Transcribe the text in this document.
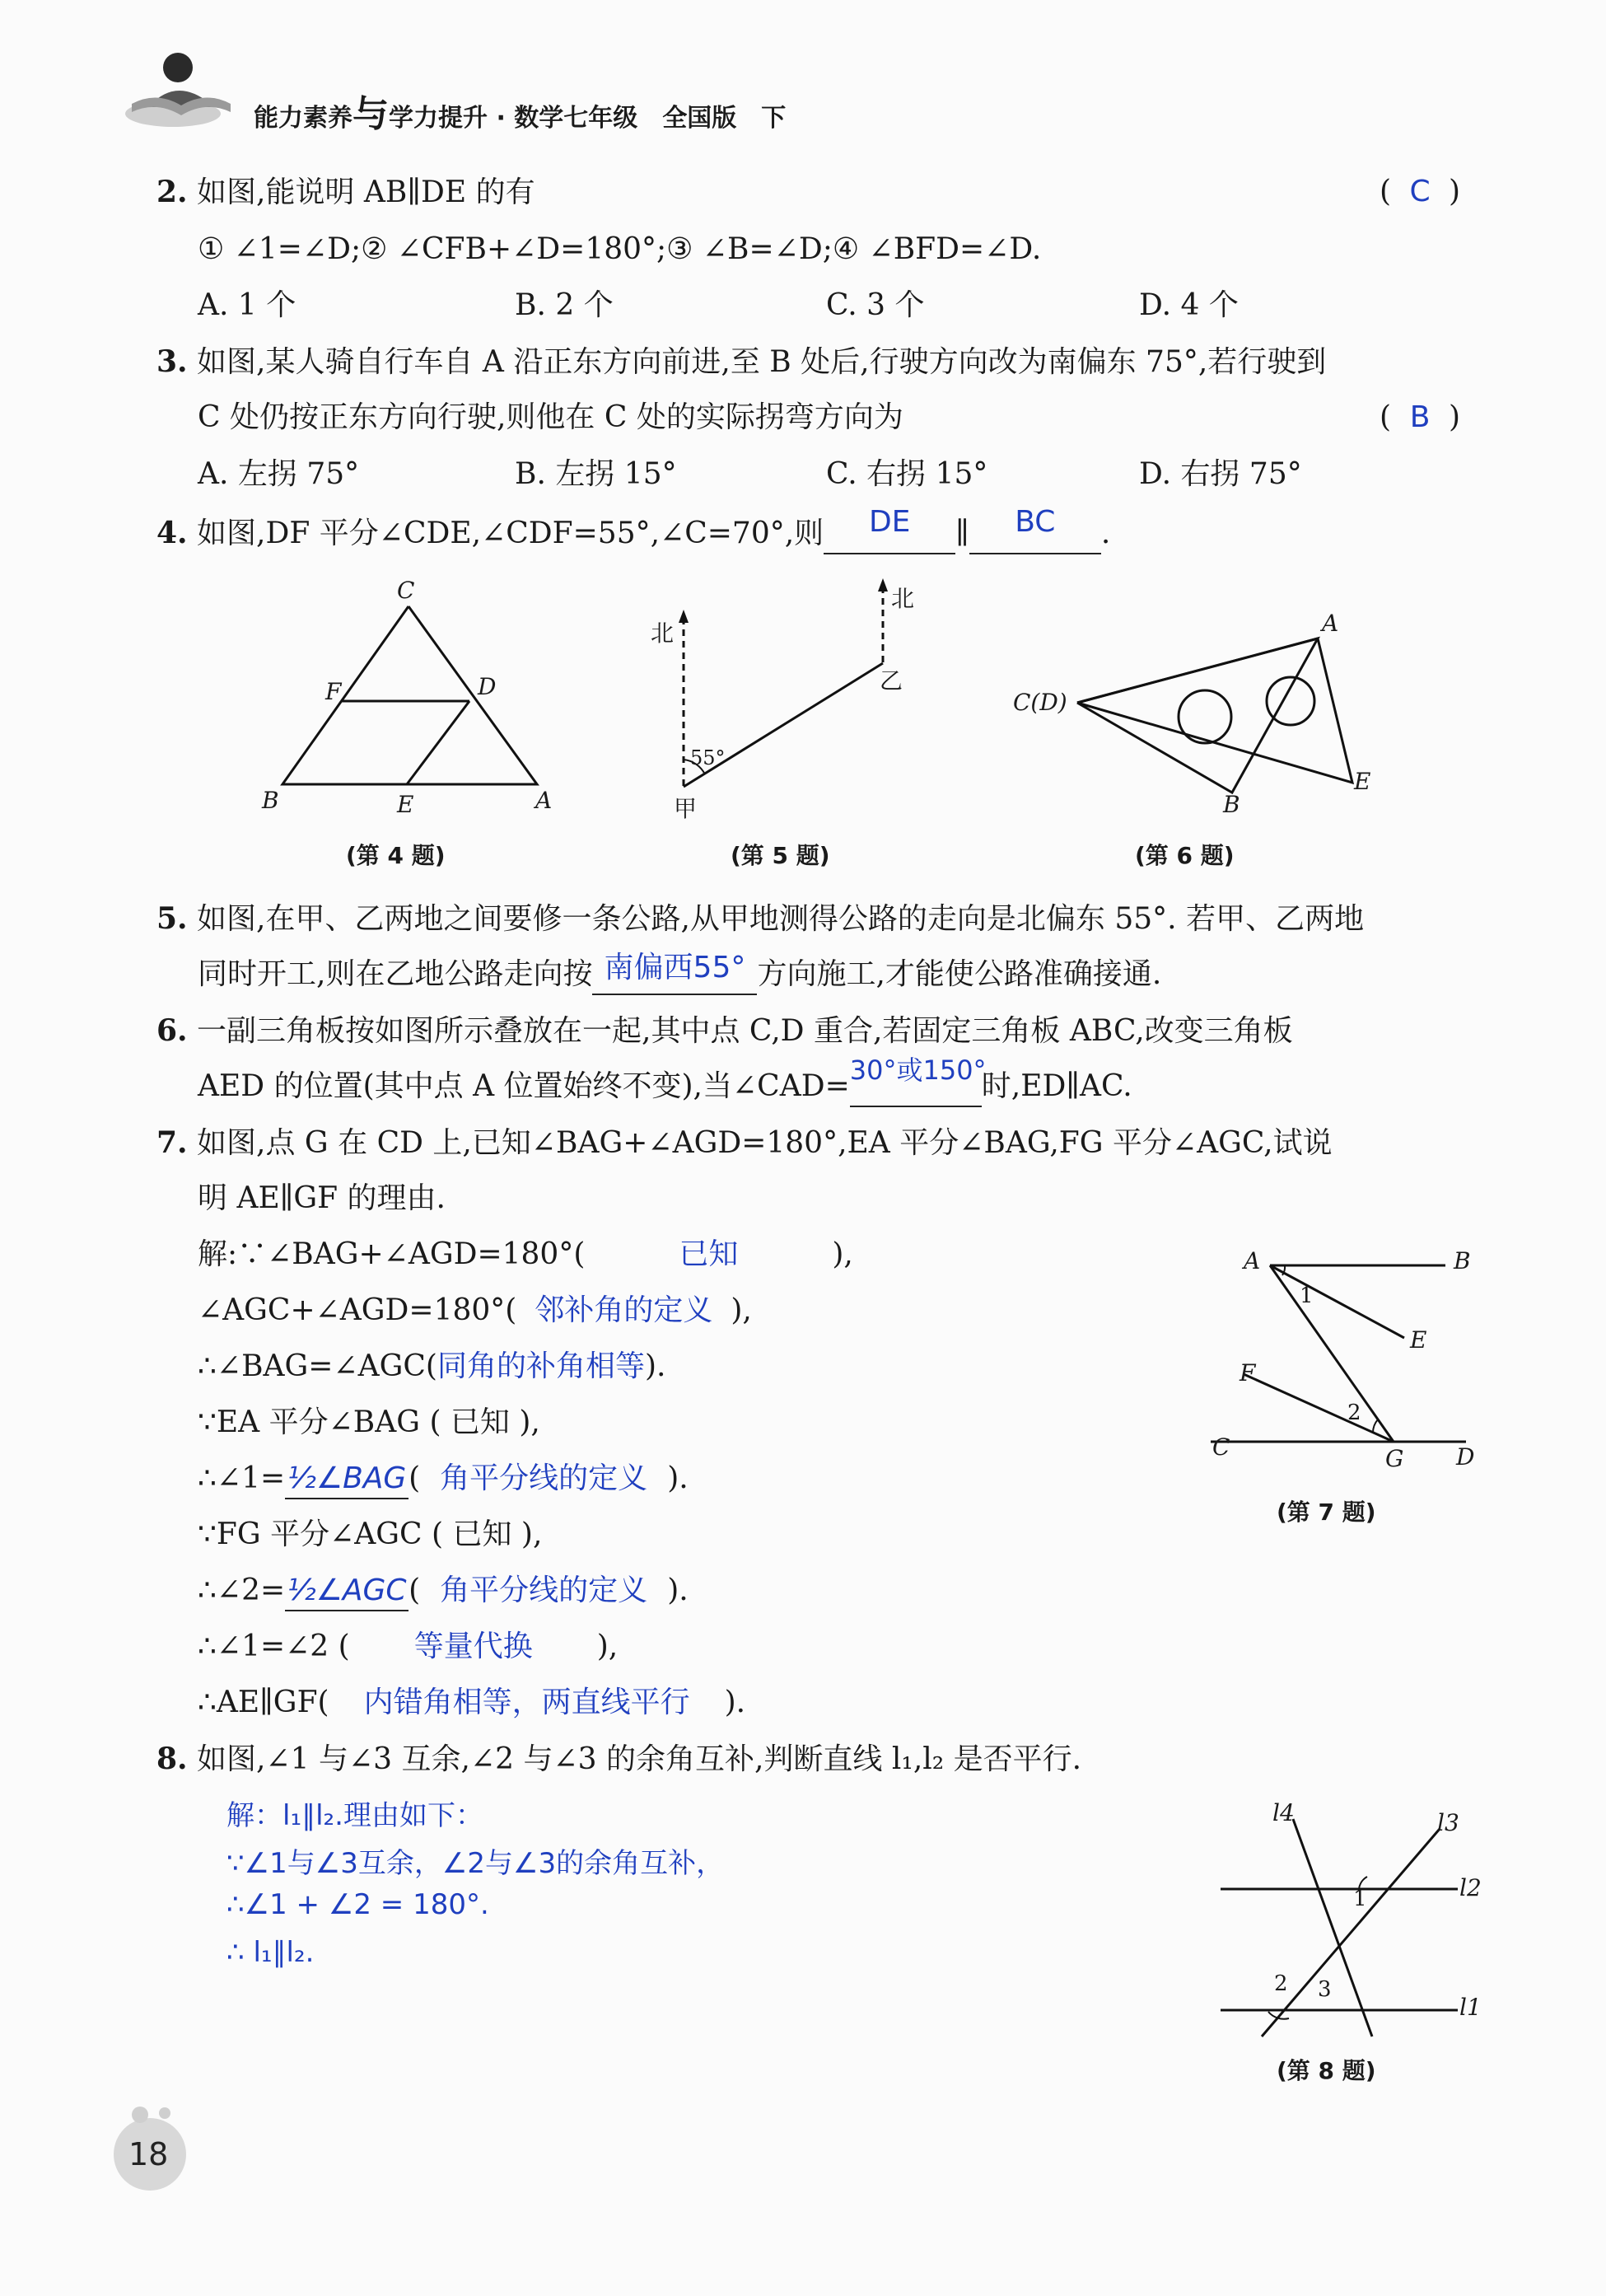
能力素养与学力提升 · 数学七年级　全国版　下
2. 如图,能说明 AB∥DE 的有	( C )
① ∠1=∠D;② ∠CFB+∠D=180°;③ ∠B=∠D;④ ∠BFD=∠D.
A. 1 个	B. 2 个	C. 3 个	D. 4 个
3. 如图,某人骑自行车自 A 沿正东方向前进,至 B 处后,行驶方向改为南偏东 75°,若行驶到
C 处仍按正东方向行驶,则他在 C 处的实际拐弯方向为	( B )
A. 左拐 75°	B. 左拐 15°	C. 右拐 15°	D. 右拐 75°
4. 如图,DF 平分∠CDE,∠CDF=55°,∠C=70°,则 DE ∥ BC .
C
F	D
B	E	A
(第 4 题)
北
北
乙
甲
55°
(第 5 题)
A
C(D)
B
E
(第 6 题)
5. 如图,在甲、乙两地之间要修一条公路,从甲地测得公路的走向是北偏东 55°. 若甲、乙两地
同时开工,则在乙地公路走向按 南偏西55° 方向施工,才能使公路准确接通.
6. 一副三角板按如图所示叠放在一起,其中点 C,D 重合,若固定三角板 ABC,改变三角板
AED 的位置(其中点 A 位置始终不变),当∠CAD=30°或150°时,ED∥AC.
7. 如图,点 G 在 CD 上,已知∠BAG+∠AGD=180°,EA 平分∠BAG,FG 平分∠AGC,试说
明 AE∥GF 的理由.
解:∵∠BAG+∠AGD=180°(	已知	),
∠AGC+∠AGD=180°( 邻补角的定义 ),
∴∠BAG=∠AGC(同角的补角相等).
∵EA 平分∠BAG ( 已知 ),
∴∠1=½∠BAG( 角平分线的定义 ).
∵FG 平分∠AGC ( 已知 ),
∴∠2=½∠AGC( 角平分线的定义 ).
∴∠1=∠2 ( 等量代换 ),
∴AE∥GF( 内错角相等，两直线平行 ).
A	B
1
E
F
2
C	G D
(第 7 题)
8. 如图,∠1 与∠3 互余,∠2 与∠3 的余角互补,判断直线 l₁,l₂ 是否平行.
解：l₁∥l₂.理由如下：
∵∠1与∠3互余，∠2与∠3的余角互补，
∴∠1 + ∠2 = 180°.
∴ l₁∥l₂.
l4	l3
l2
1
2 3
l1
(第 8 题)
18
